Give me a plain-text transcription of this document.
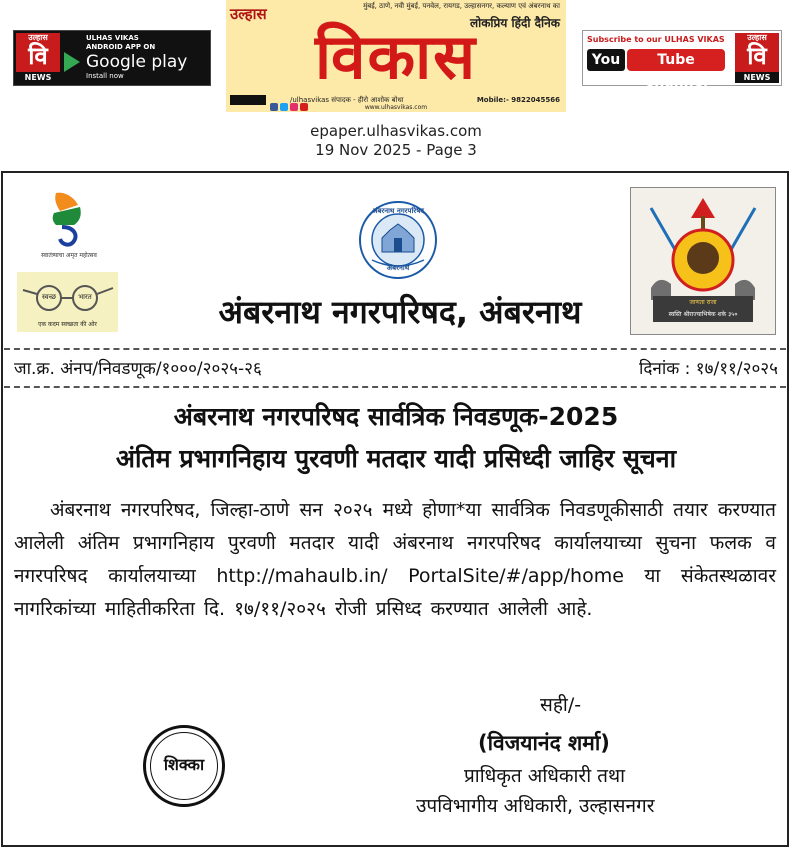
उल्हास
वि
NEWS
ULHAS VIKAS
ANDROID APP ON
Google play
Install now
मुंबई, ठाणे, नवी मुंबई, पनवेल, रायगड, उल्हासनगर, कल्याण एवं अंबरनाथ का
उल्हास	लोकप्रिय हिंदी दैनिक
विकास
/ulhasvikas संपादक - हीरो आशोक बोधा	Mobile:- 9822045566
www.ulhasvikas.com
Subscribe to our ULHAS VIKAS
You	Tube Channel
उल्हास
वि
NEWS
epaper.ulhasvikas.com
19 Nov 2025 - Page 3
स्वातंत्र्याचा अमृत महोत्सव
स्वच्छ	भारत
एक कदम स्वच्छता की ओर
अंबरनाथ नगरपरिषद
अंबरनाथ
जाणता राजा
स्वस्ति श्रीराज्याभिषेक शके ३५०
अंबरनाथ नगरपरिषद, अंबरनाथ
जा.क्र. अंनप/निवडणूक/१०००/२०२५-२६	दिनांक : १७/११/२०२५
अंबरनाथ नगरपरिषद सार्वत्रिक निवडणूक-2025
अंतिम प्रभागनिहाय पुरवणी मतदार यादी प्रसिध्दी जाहिर सूचना
अंबरनाथ नगरपरिषद, जिल्हा-ठाणे सन २०२५ मध्ये होणा*या सार्वत्रिक निवडणूकीसाठी तयार करण्यात आलेली अंतिम प्रभागनिहाय पुरवणी मतदार यादी अंबरनाथ नगरपरिषद कार्यालयाच्या सुचना फलक व नगरपरिषद कार्यालयाच्या http://mahaulb.in/ PortalSite/#/app/home या संकेतस्थळावर नागरिकांच्या माहितीकरिता दि. १७/११/२०२५ रोजी प्रसिध्द करण्यात आलेली आहे.
शिक्का
सही/-
(विजयानंद शर्मा)
प्राधिकृत अधिकारी तथा
उपविभागीय अधिकारी, उल्हासनगर
